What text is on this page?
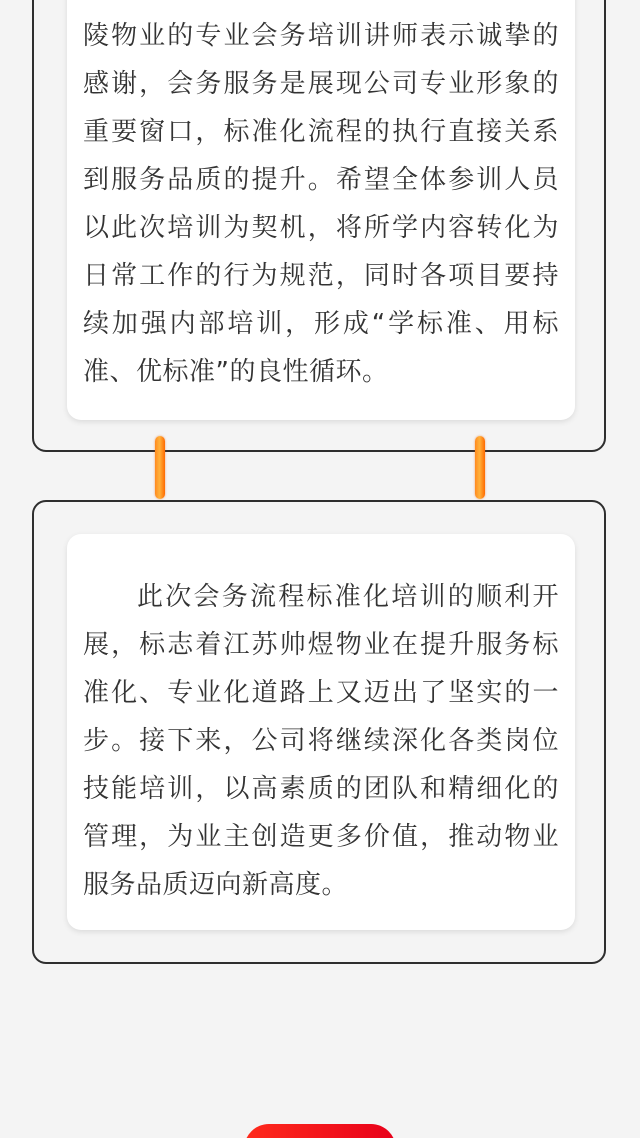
陵物业的专业会务培训讲师表示诚挚的感谢，会务服务是展现公司专业形象的重要窗口，标准化流程的执行直接关系到服务品质的提升。希望全体参训人员以此次培训为契机，将所学内容转化为日常工作的行为规范，同时各项目要持续加强内部培训，形成“学标准、用标准、优标准”的良性循环。

此次会务流程标准化培训的顺利开展，标志着江苏帅煜物业在提升服务标准化、专业化道路上又迈出了坚实的一步。接下来，公司将继续深化各类岗位技能培训，以高素质的团队和精细化的管理，为业主创造更多价值，推动物业服务品质迈向新高度。
